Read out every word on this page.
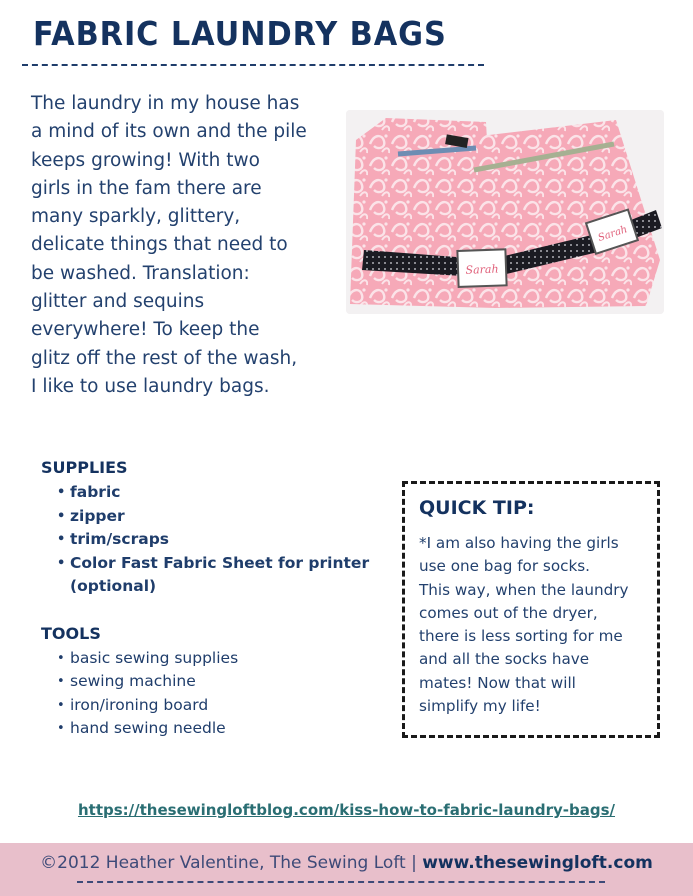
FABRIC LAUNDRY BAGS

The laundry in my house has
a mind of its own and the pile
keeps growing! With two
girls in the fam there are
many sparkly, glittery,
delicate things that need to
be washed. Translation:
glitter and sequins
everywhere! To keep the
glitz off the rest of the wash,
I like to use laundry bags.

Sarah
Sarah
SUPPLIES
• fabric
• zipper
• trim/scraps
• Color Fast Fabric Sheet for printer (optional)
TOOLS
• basic sewing supplies
• sewing machine
• iron/ironing board
• hand sewing needle
QUICK TIP:

*I am also having the girls
use one bag for socks.
This way, when the laundry
comes out of the dryer,
there is less sorting for me
and all the socks have
mates! Now that will
simplify my life!

https://thesewingloftblog.com/kiss-how-to-fabric-laundry-bags/
©2012 Heather Valentine, The Sewing Loft | www.thesewingloft.com
